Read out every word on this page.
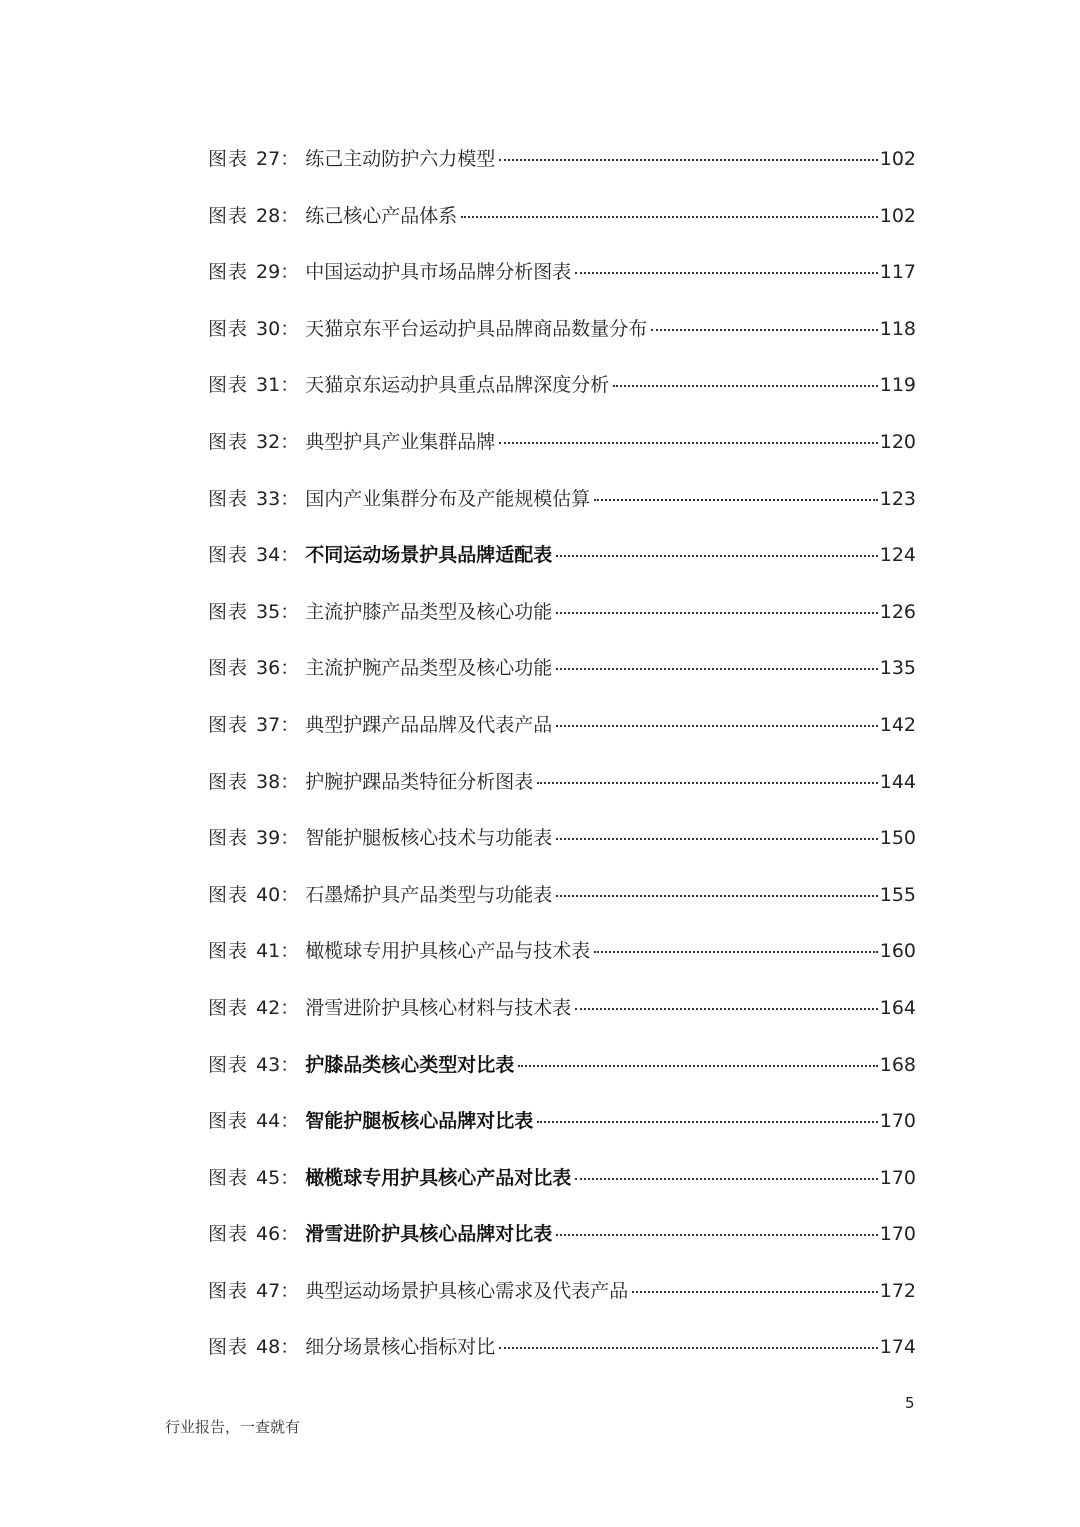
图表 27： 练己主动防护六力模型	102
图表 28： 练己核心产品体系	102
图表 29： 中国运动护具市场品牌分析图表	117
图表 30： 天猫京东平台运动护具品牌商品数量分布	118
图表 31： 天猫京东运动护具重点品牌深度分析	119
图表 32： 典型护具产业集群品牌	120
图表 33： 国内产业集群分布及产能规模估算	123
图表 34： 不同运动场景护具品牌适配表	124
图表 35： 主流护膝产品类型及核心功能	126
图表 36： 主流护腕产品类型及核心功能	135
图表 37： 典型护踝产品品牌及代表产品	142
图表 38： 护腕护踝品类特征分析图表	144
图表 39： 智能护腿板核心技术与功能表	150
图表 40： 石墨烯护具产品类型与功能表	155
图表 41： 橄榄球专用护具核心产品与技术表	160
图表 42： 滑雪进阶护具核心材料与技术表	164
图表 43： 护膝品类核心类型对比表	168
图表 44： 智能护腿板核心品牌对比表	170
图表 45： 橄榄球专用护具核心产品对比表	170
图表 46： 滑雪进阶护具核心品牌对比表	170
图表 47： 典型运动场景护具核心需求及代表产品	172
图表 48： 细分场景核心指标对比	174
5
行业报告，一查就有
